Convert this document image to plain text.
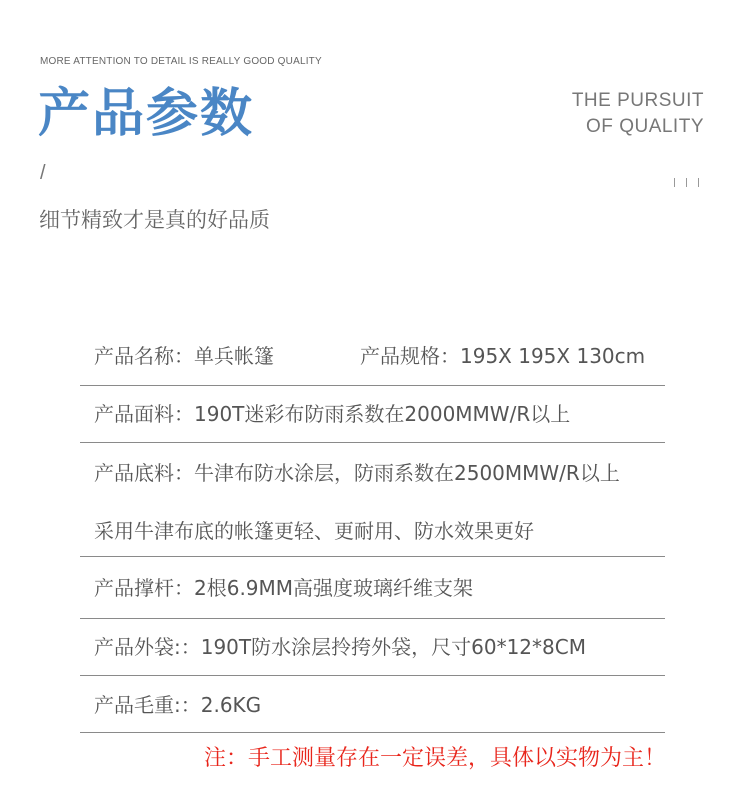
MORE ATTENTION TO DETAIL IS REALLY GOOD QUALITY
产品参数	THE PURSUIT
OF QUALITY
/
细节精致才是真的好品质
产品名称：单兵帐篷	产品规格：195X 195X 130cm
产品面料：190T迷彩布防雨系数在2000MMW/R以上
产品底料：牛津布防水涂层，防雨系数在2500MMW/R以上
采用牛津布底的帐篷更轻、更耐用、防水效果更好
产品撑杆：2根6.9MM高强度玻璃纤维支架
产品外袋:：190T防水涂层拎挎外袋，尺寸60*12*8CM
产品毛重:：2.6KG
注：手工测量存在一定误差，具体以实物为主！
